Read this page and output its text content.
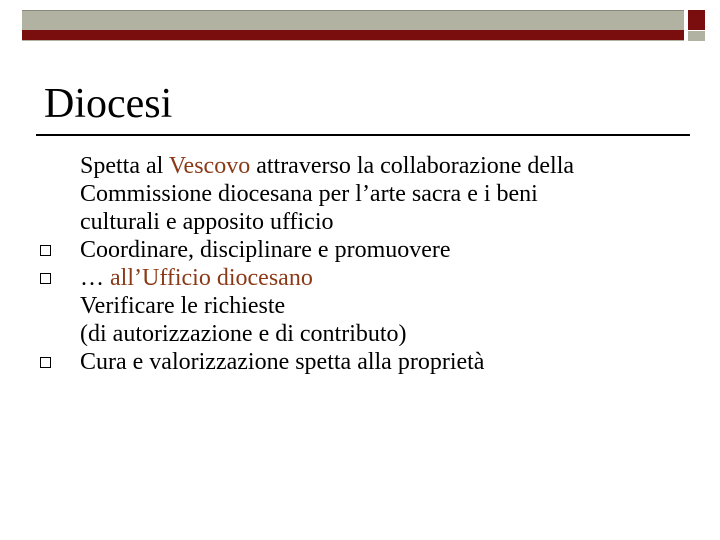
Diocesi
Spetta al Vescovo attraverso la collaborazione della
Commissione diocesana per l’arte sacra e i beni
culturali e apposito ufficio
Coordinare, disciplinare e promuovere
… all’Ufficio diocesano
Verificare le richieste
(di autorizzazione e di contributo)
Cura e valorizzazione spetta alla proprietà
